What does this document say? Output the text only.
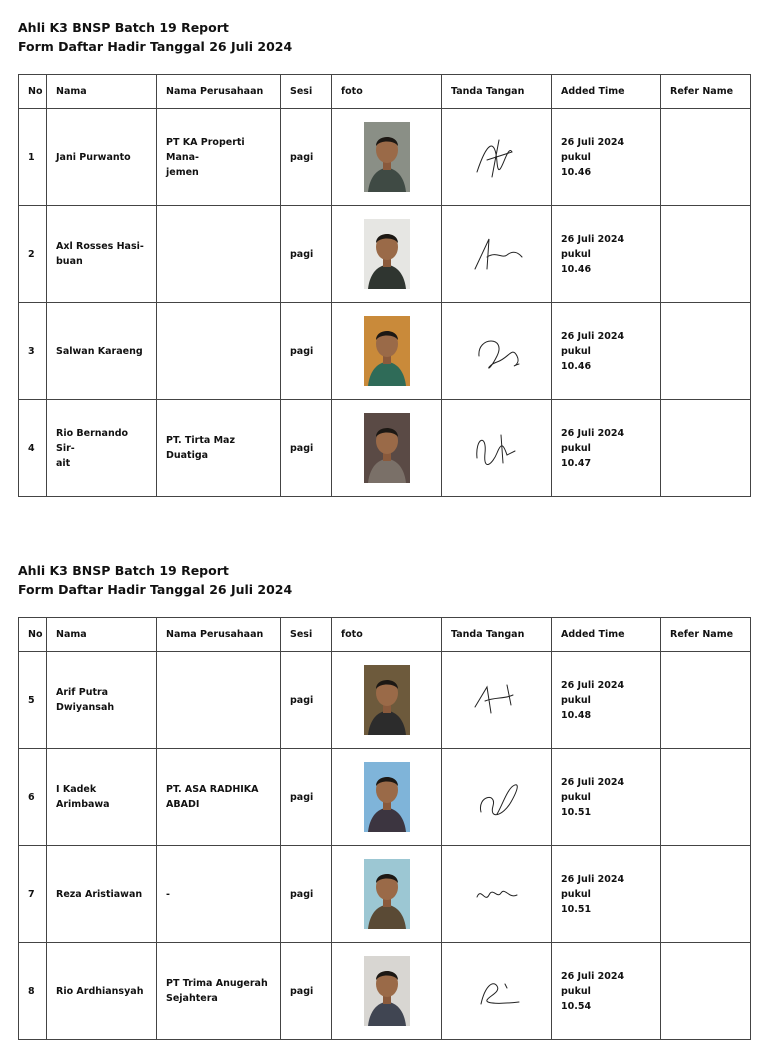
Ahli K3 BNSP Batch 19 Report
Form Daftar Hadir Tanggal 26 Juli 2024
No	Nama	Nama Perusahaan	Sesi	foto	Tanda Tangan	Added Time	Refer Name
1	Jani Purwanto	PT KA Properti Mana-
jemen	pagi			26 Juli 2024 pukul
10.46	
2	Axl Rosses Hasi-
buan		pagi			26 Juli 2024 pukul
10.46	
3	Salwan Karaeng		pagi			26 Juli 2024 pukul
10.46	
4	Rio Bernando Sir-
ait	PT. Tirta Maz Duatiga	pagi			26 Juli 2024 pukul
10.47	
Ahli K3 BNSP Batch 19 Report
Form Daftar Hadir Tanggal 26 Juli 2024
No	Nama	Nama Perusahaan	Sesi	foto	Tanda Tangan	Added Time	Refer Name
5	Arif Putra
Dwiyansah		pagi			26 Juli 2024 pukul
10.48	
6	I Kadek Arimbawa	PT. ASA RADHIKA
ABADI	pagi			26 Juli 2024 pukul
10.51	
7	Reza Aristiawan	-	pagi			26 Juli 2024 pukul
10.51	
8	Rio Ardhiansyah	PT Trima Anugerah
Sejahtera	pagi			26 Juli 2024 pukul
10.54	
